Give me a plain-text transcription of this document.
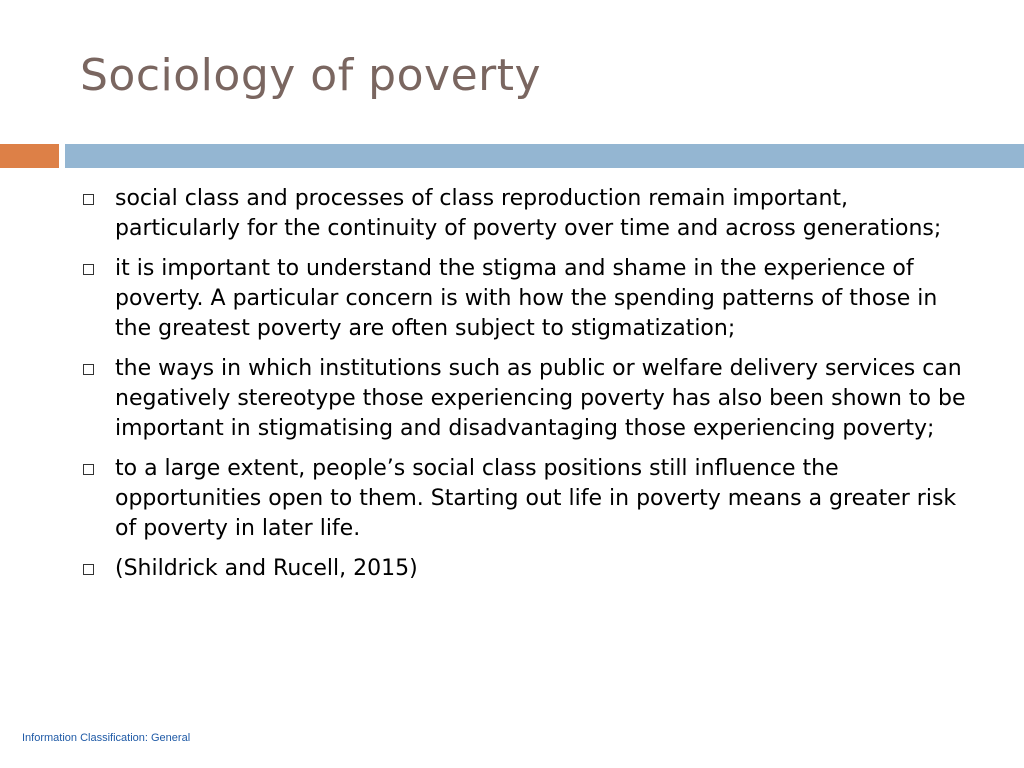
Sociology of poverty
social class and processes of class reproduction remain important, particularly for the continuity of poverty over time and across generations;
it is important to understand the stigma and shame in the experience of poverty. A particular concern is with how the spending patterns of those in the greatest poverty are often subject to stigmatization;
the ways in which institutions such as public or welfare delivery services can negatively stereotype those experiencing poverty has also been shown to be important in stigmatising and disadvantaging those experiencing poverty;
to a large extent, people’s social class positions still influence the opportunities open to them. Starting out life in poverty means a greater risk of poverty in later life.
(Shildrick and Rucell, 2015)
Information Classification: General
